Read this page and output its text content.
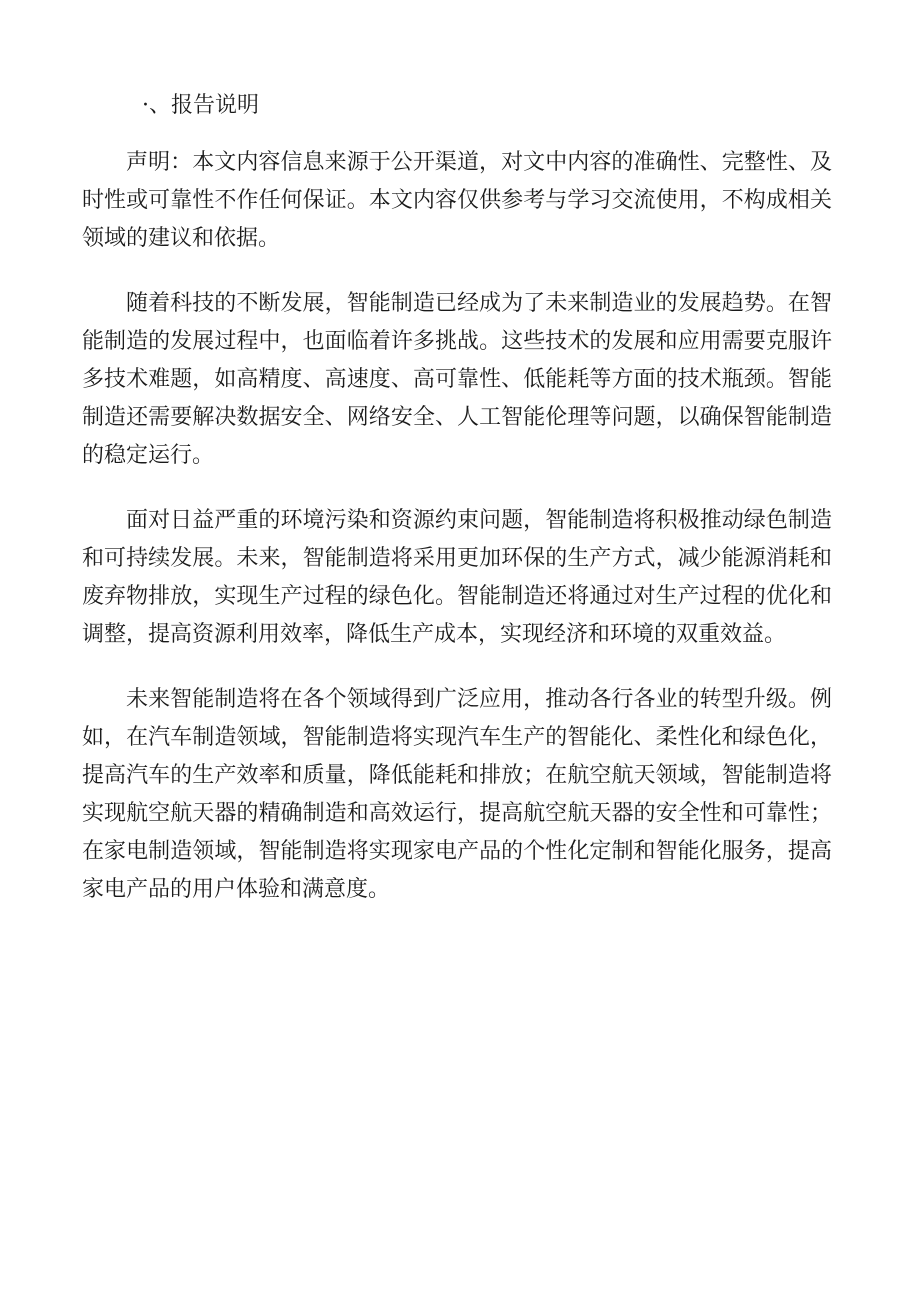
·、报告说明

声明：本文内容信息来源于公开渠道，对文中内容的准确性、完整性、及时性或可靠性不作任何保证。本文内容仅供参考与学习交流使用，不构成相关领域的建议和依据。

随着科技的不断发展，智能制造已经成为了未来制造业的发展趋势。在智能制造的发展过程中，也面临着许多挑战。这些技术的发展和应用需要克服许多技术难题，如高精度、高速度、高可靠性、低能耗等方面的技术瓶颈。智能制造还需要解决数据安全、网络安全、人工智能伦理等问题，以确保智能制造的稳定运行。

面对日益严重的环境污染和资源约束问题，智能制造将积极推动绿色制造和可持续发展。未来，智能制造将采用更加环保的生产方式，减少能源消耗和废弃物排放，实现生产过程的绿色化。智能制造还将通过对生产过程的优化和调整，提高资源利用效率，降低生产成本，实现经济和环境的双重效益。

未来智能制造将在各个领域得到广泛应用，推动各行各业的转型升级。例如，在汽车制造领域，智能制造将实现汽车生产的智能化、柔性化和绿色化，提高汽车的生产效率和质量，降低能耗和排放；在航空航天领域，智能制造将实现航空航天器的精确制造和高效运行，提高航空航天器的安全性和可靠性；在家电制造领域，智能制造将实现家电产品的个性化定制和智能化服务，提高家电产品的用户体验和满意度。
